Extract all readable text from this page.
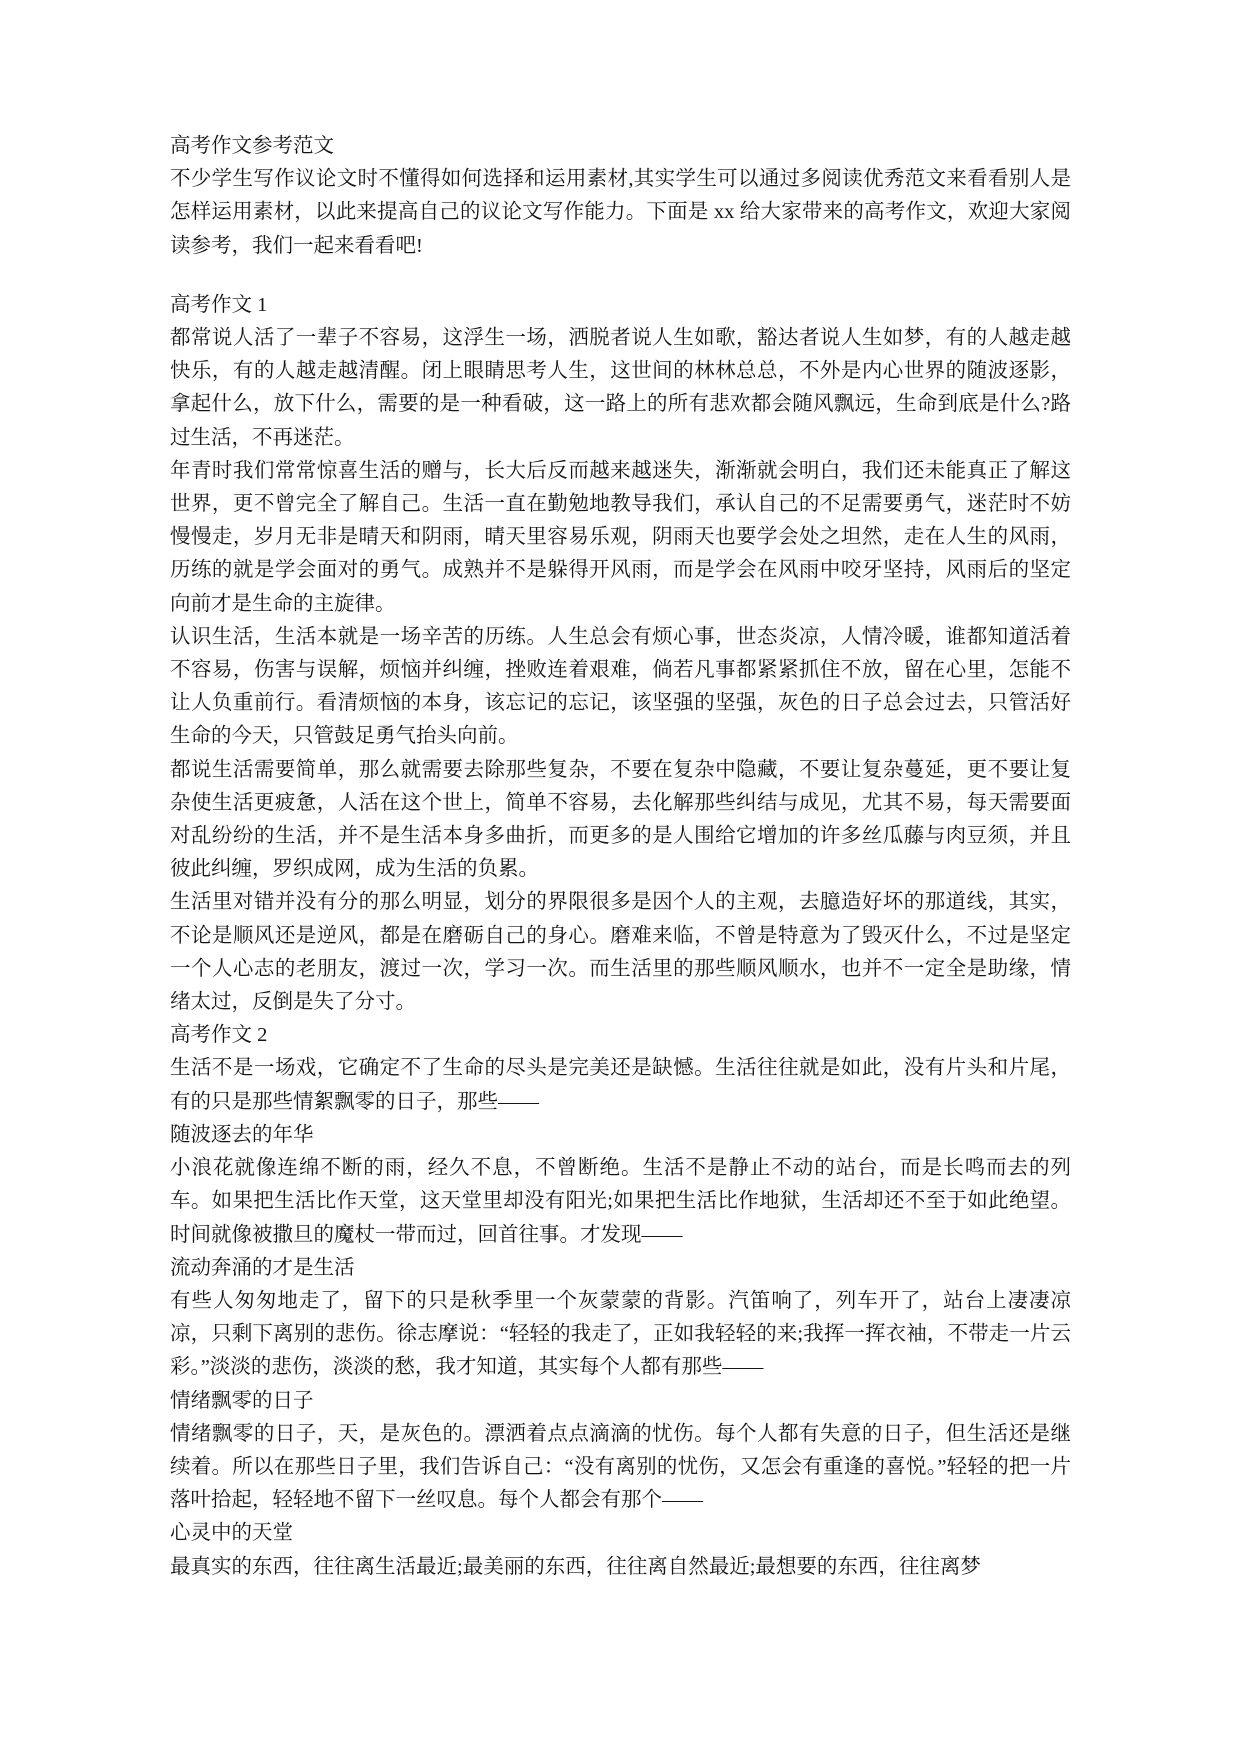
高考作文参考范文

不少学生写作议论文时不懂得如何选择和运用素材,其实学生可以通过多阅读优秀范文来看看别人是怎样运用素材，以此来提高自己的议论文写作能力。下面是 xx 给大家带来的高考作文，欢迎大家阅读参考，我们一起来看看吧!

高考作文 1

都常说人活了一辈子不容易，这浮生一场，洒脱者说人生如歌，豁达者说人生如梦，有的人越走越快乐，有的人越走越清醒。闭上眼睛思考人生，这世间的林林总总，不外是内心世界的随波逐影，拿起什么，放下什么，需要的是一种看破，这一路上的所有悲欢都会随风飘远，生命到底是什么?路过生活，不再迷茫。

年青时我们常常惊喜生活的赠与，长大后反而越来越迷失，渐渐就会明白，我们还未能真正了解这世界，更不曾完全了解自己。生活一直在勤勉地教导我们，承认自己的不足需要勇气，迷茫时不妨慢慢走，岁月无非是晴天和阴雨，晴天里容易乐观，阴雨天也要学会处之坦然，走在人生的风雨，历练的就是学会面对的勇气。成熟并不是躲得开风雨，而是学会在风雨中咬牙坚持，风雨后的坚定向前才是生命的主旋律。

认识生活，生活本就是一场辛苦的历练。人生总会有烦心事，世态炎凉，人情冷暖，谁都知道活着不容易，伤害与误解，烦恼并纠缠，挫败连着艰难，倘若凡事都紧紧抓住不放，留在心里，怎能不让人负重前行。看清烦恼的本身，该忘记的忘记，该坚强的坚强，灰色的日子总会过去，只管活好生命的今天，只管鼓足勇气抬头向前。

都说生活需要简单，那么就需要去除那些复杂，不要在复杂中隐藏，不要让复杂蔓延，更不要让复杂使生活更疲惫，人活在这个世上，简单不容易，去化解那些纠结与成见，尤其不易，每天需要面对乱纷纷的生活，并不是生活本身多曲折，而更多的是人围给它增加的许多丝瓜藤与肉豆须，并且彼此纠缠，罗织成网，成为生活的负累。

生活里对错并没有分的那么明显，划分的界限很多是因个人的主观，去臆造好坏的那道线，其实，不论是顺风还是逆风，都是在磨砺自己的身心。磨难来临，不曾是特意为了毁灭什么，不过是坚定一个人心志的老朋友，渡过一次，学习一次。而生活里的那些顺风顺水，也并不一定全是助缘，情绪太过，反倒是失了分寸。

高考作文 2

生活不是一场戏，它确定不了生命的尽头是完美还是缺憾。生活往往就是如此，没有片头和片尾，有的只是那些情絮飘零的日子，那些——

随波逐去的年华

小浪花就像连绵不断的雨，经久不息，不曾断绝。生活不是静止不动的站台，而是长鸣而去的列车。如果把生活比作天堂，这天堂里却没有阳光;如果把生活比作地狱，生活却还不至于如此绝望。时间就像被撒旦的魔杖一带而过，回首往事。才发现——

流动奔涌的才是生活

有些人匆匆地走了，留下的只是秋季里一个灰蒙蒙的背影。汽笛响了，列车开了，站台上凄凄凉凉，只剩下离别的悲伤。徐志摩说：“轻轻的我走了，正如我轻轻的来;我挥一挥衣袖，不带走一片云彩。”淡淡的悲伤，淡淡的愁，我才知道，其实每个人都有那些——

情绪飘零的日子

情绪飘零的日子，天，是灰色的。漂洒着点点滴滴的忧伤。每个人都有失意的日子，但生活还是继续着。所以在那些日子里，我们告诉自己：“没有离别的忧伤，又怎会有重逢的喜悦。”轻轻的把一片落叶拾起，轻轻地不留下一丝叹息。每个人都会有那个——

心灵中的天堂

最真实的东西，往往离生活最近;最美丽的东西，往往离自然最近;最想要的东西，往往离梦
